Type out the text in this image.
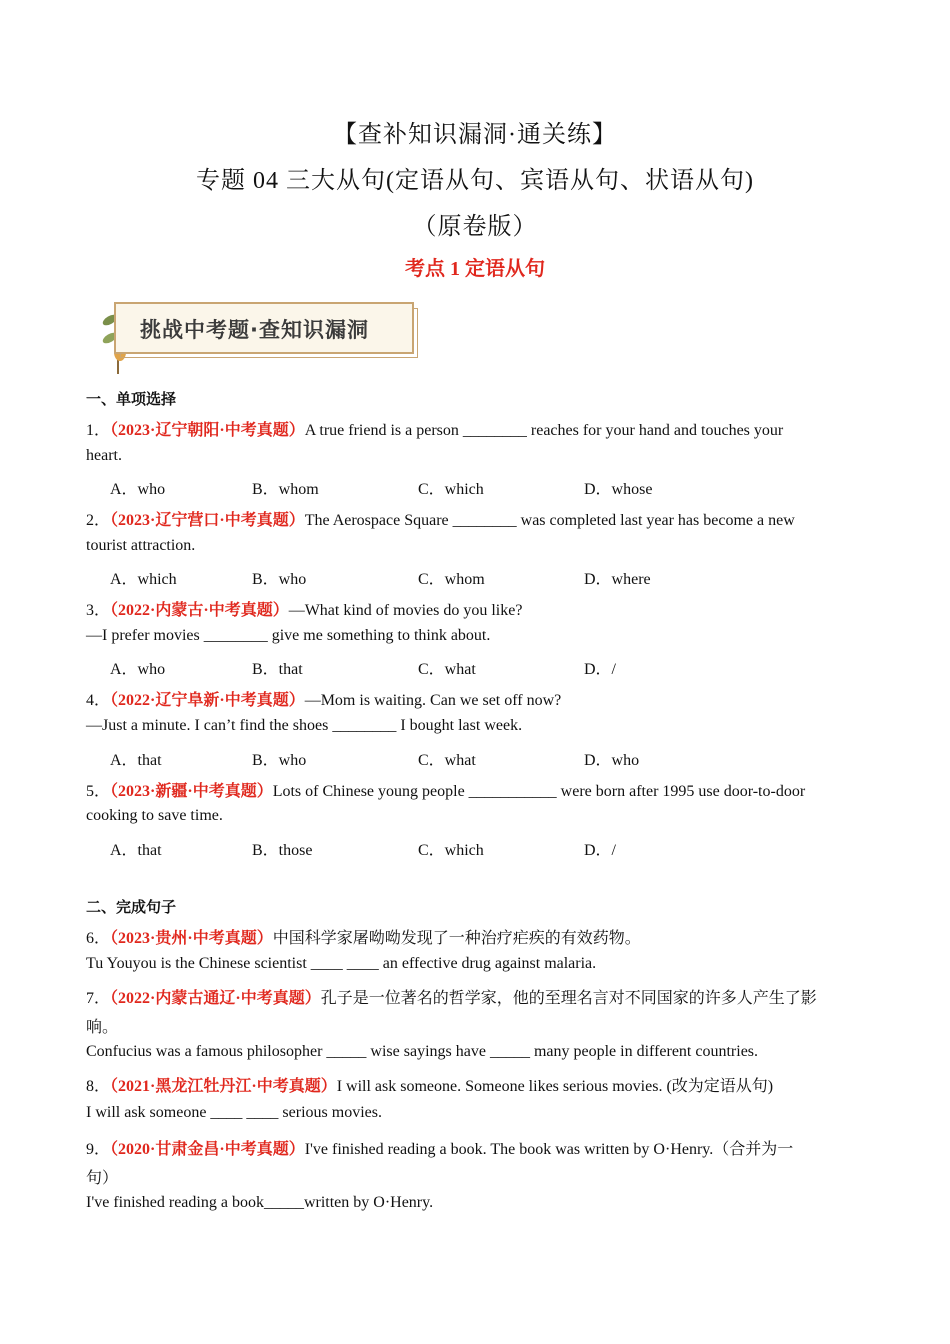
【查补知识漏洞·通关练】
专题 04 三大从句(定语从句、宾语从句、状语从句)
（原卷版）
考点 1 定语从句
挑战中考题·查知识漏洞
一、单项选择
1．（2023·辽宁朝阳·中考真题）A true friend is a person ________ reaches for your hand and touches your
heart.
A．who	B．whom	C．which	D．whose
2．（2023·辽宁营口·中考真题）The Aerospace Square ________ was completed last year has become a new
tourist attraction.
A．which	B．who	C．whom	D．where
3．（2022·内蒙古·中考真题）—What kind of movies do you like?
—I prefer movies ________ give me something to think about.
A．who	B．that	C．what	D．/
4．（2022·辽宁阜新·中考真题）—Mom is waiting. Can we set off now?
—Just a minute. I can’t find the shoes ________ I bought last week.
A．that	B．who	C．what	D．who
5．（2023·新疆·中考真题）Lots of Chinese young people ___________ were born after 1995 use door-to-door
cooking to save time.
A．that	B．those	C．which	D．/
二、完成句子
6．（2023·贵州·中考真题）中国科学家屠呦呦发现了一种治疗疟疾的有效药物。
Tu Youyou is the Chinese scientist ____ ____ an effective drug against malaria.
7．（2022·内蒙古通辽·中考真题）孔子是一位著名的哲学家，他的至理名言对不同国家的许多人产生了影
响。
Confucius was a famous philosopher _____ wise sayings have _____ many people in different countries.
8．（2021·黑龙江牡丹江·中考真题）I will ask someone. Someone likes serious movies. (改为定语从句)
I will ask someone ____ ____ serious movies.
9．（2020·甘肃金昌·中考真题）I've finished reading a book. The book was written by O·Henry.（合并为一
句）
I've finished reading a book_____written by O·Henry.
